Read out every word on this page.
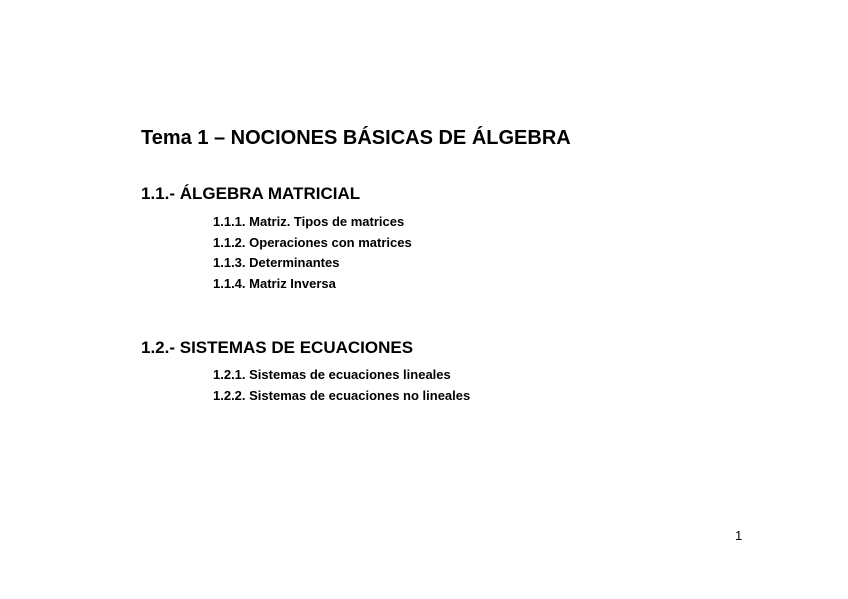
Tema 1 – NOCIONES BÁSICAS DE ÁLGEBRA
1.1.- ÁLGEBRA MATRICIAL
1.1.1. Matriz. Tipos de matrices
1.1.2. Operaciones con matrices
1.1.3. Determinantes
1.1.4. Matriz Inversa
1.2.- SISTEMAS DE ECUACIONES
1.2.1. Sistemas de ecuaciones lineales
1.2.2. Sistemas de ecuaciones no lineales
1
